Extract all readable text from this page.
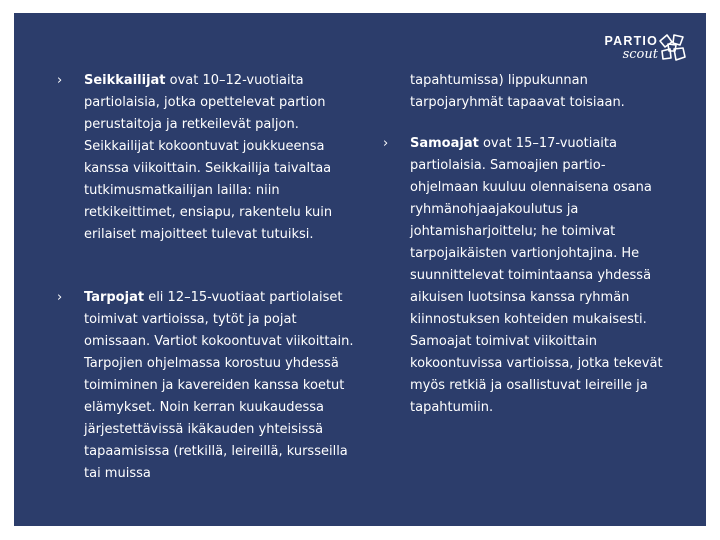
PARTIO
scout
› Seikkailijat ovat 10–12-vuotiaita partiolaisia, jotka opettelevat partion perustaitoja ja retkeilevät paljon. Seikkailijat kokoontuvat joukkueensa kanssa viikoittain. Seikkailija taivaltaa tutkimusmatkailijan lailla: niin retkikeittimet, ensiapu, rakentelu kuin erilaiset majoitteet tulevat tutuiksi.

› Tarpojat eli 12–15-vuotiaat partiolaiset toimivat vartioissa, tytöt ja pojat omissaan. Vartiot kokoontuvat viikoittain. Tarpojien ohjelmassa korostuu yhdessä toimiminen ja kavereiden kanssa koetut elämykset. Noin kerran kuukaudessa järjestettävissä ikäkauden yhteisissä tapaamisissa (retkillä, leireillä, kursseilla tai muissa

tapahtumissa) lippukunnan tarpojaryhmät tapaavat toisiaan.

› Samoajat ovat 15–17-vuotiaita partiolaisia. Samoajien partio-ohjelmaan kuuluu olennaisena osana ryhmänohjaajakoulutus ja johtamisharjoittelu; he toimivat tarpojaikäisten vartionjohtajina. He suunnittelevat toimintaansa yhdessä aikuisen luotsinsa kanssa ryhmän kiinnostuksen kohteiden mukaisesti. Samoajat toimivat viikoittain kokoontuvissa vartioissa, jotka tekevät myös retkiä ja osallistuvat leireille ja tapahtumiin.
